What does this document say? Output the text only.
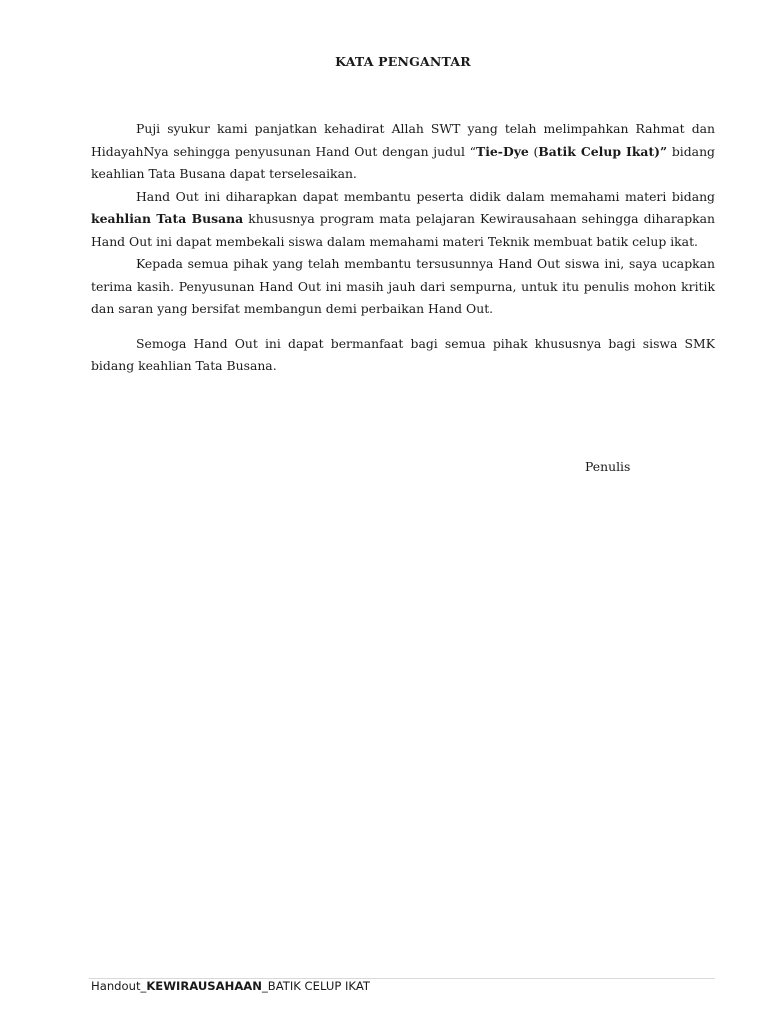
KATA PENGANTAR

Puji syukur kami panjatkan kehadirat Allah SWT yang telah melimpahkan Rahmat dan HidayahNya sehingga penyusunan Hand Out dengan judul “Tie-Dye (Batik Celup Ikat)” bidang keahlian Tata Busana dapat terselesaikan.

Hand Out ini diharapkan dapat membantu peserta didik dalam memahami materi bidang keahlian Tata Busana khususnya program mata pelajaran Kewirausahaan sehingga diharapkan Hand Out ini dapat membekali siswa dalam memahami materi Teknik membuat batik celup ikat.

Kepada semua pihak yang telah membantu tersusunnya Hand Out siswa ini, saya ucapkan terima kasih. Penyusunan Hand Out ini masih jauh dari sempurna, untuk itu penulis mohon kritik dan saran yang bersifat membangun demi perbaikan Hand Out.

Semoga Hand Out ini dapat bermanfaat bagi semua pihak khususnya bagi siswa SMK bidang keahlian Tata Busana.

Penulis
Handout_KEWIRAUSAHAAN_BATIK CELUP IKAT
